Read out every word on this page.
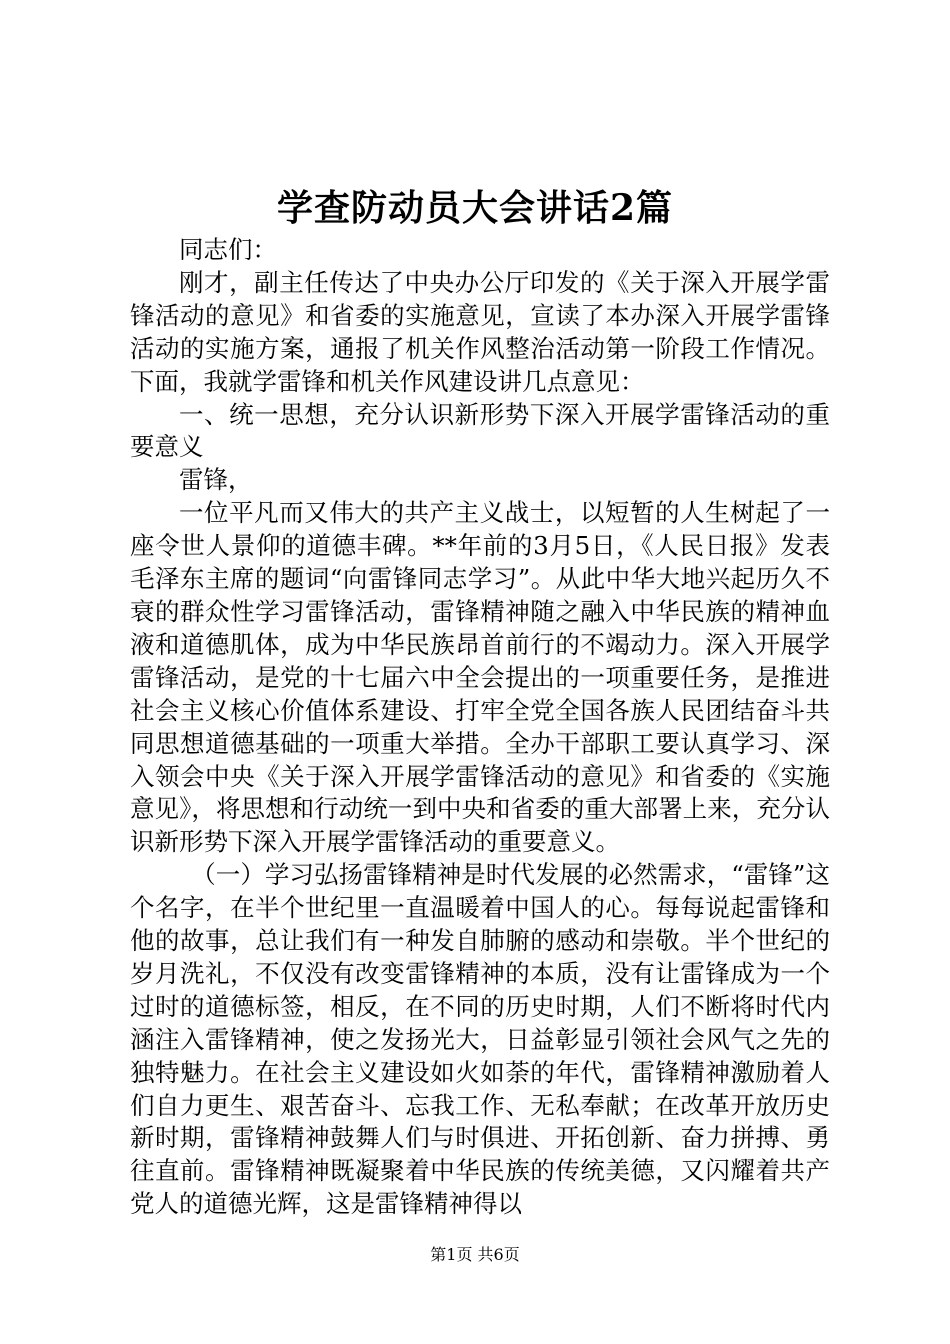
学查防动员大会讲话2篇

同志们：

刚才，副主任传达了中央办公厅印发的《关于深入开展学雷锋活动的意见》和省委的实施意见，宣读了本办深入开展学雷锋活动的实施方案，通报了机关作风整治活动第一阶段工作情况。下面，我就学雷锋和机关作风建设讲几点意见：

一、统一思想，充分认识新形势下深入开展学雷锋活动的重要意义

雷锋，

一位平凡而又伟大的共产主义战士，以短暂的人生树起了一座令世人景仰的道德丰碑。**年前的3月5日，《人民日报》发表毛泽东主席的题词“向雷锋同志学习”。从此中华大地兴起历久不衰的群众性学习雷锋活动，雷锋精神随之融入中华民族的精神血液和道德肌体，成为中华民族昂首前行的不竭动力。深入开展学雷锋活动，是党的十七届六中全会提出的一项重要任务，是推进社会主义核心价值体系建设、打牢全党全国各族人民团结奋斗共同思想道德基础的一项重大举措。全办干部职工要认真学习、深入领会中央《关于深入开展学雷锋活动的意见》和省委的《实施意见》，将思想和行动统一到中央和省委的重大部署上来，充分认识新形势下深入开展学雷锋活动的重要意义。

（一）学习弘扬雷锋精神是时代发展的必然需求，“雷锋”这个名字，在半个世纪里一直温暖着中国人的心。每每说起雷锋和他的故事，总让我们有一种发自肺腑的感动和崇敬。半个世纪的岁月洗礼，不仅没有改变雷锋精神的本质，没有让雷锋成为一个过时的道德标签，相反，在不同的历史时期，人们不断将时代内涵注入雷锋精神，使之发扬光大，日益彰显引领社会风气之先的独特魅力。在社会主义建设如火如荼的年代，雷锋精神激励着人们自力更生、艰苦奋斗、忘我工作、无私奉献；在改革开放历史新时期，雷锋精神鼓舞人们与时俱进、开拓创新、奋力拼搏、勇往直前。雷锋精神既凝聚着中华民族的传统美德，又闪耀着共产党人的道德光辉，这是雷锋精神得以

第1页 共6页
